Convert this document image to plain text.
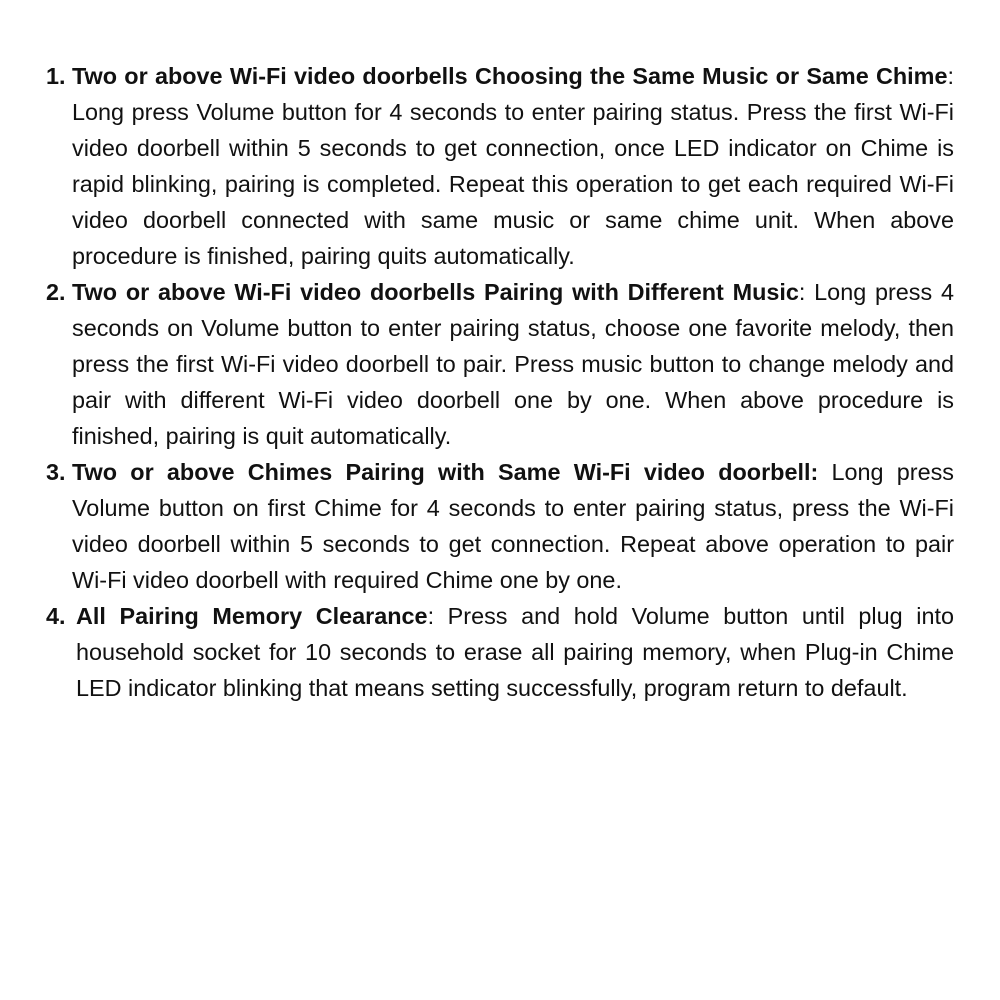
1. Two or above Wi-Fi video doorbells Choosing the Same Music or Same Chime: Long press Volume button for 4 seconds to enter pairing status. Press the first Wi-Fi video doorbell within 5 seconds to get connection, once LED indicator on Chime is rapid blinking, pairing is completed. Repeat this operation to get each required Wi-Fi video doorbell connected with same music or same chime unit. When above procedure is finished, pairing quits automatically.

2. Two or above Wi-Fi video doorbells Pairing with Different Music: Long press 4 seconds on Volume button to enter pairing status, choose one favorite melody, then press the first Wi-Fi video doorbell to pair. Press music button to change melody and pair with different Wi-Fi video doorbell one by one. When above procedure is finished, pairing is quit automatically.

3. Two or above Chimes Pairing with Same Wi-Fi video doorbell: Long press Volume button on first Chime for 4 seconds to enter pairing status, press the Wi-Fi video doorbell within 5 seconds to get connection. Repeat above operation to pair Wi-Fi video doorbell with required Chime one by one.

4. All Pairing Memory Clearance: Press and hold Volume button until plug into household socket for 10 seconds to erase all pairing memory, when Plug-in Chime LED indicator blinking that means setting successfully, program return to default.
